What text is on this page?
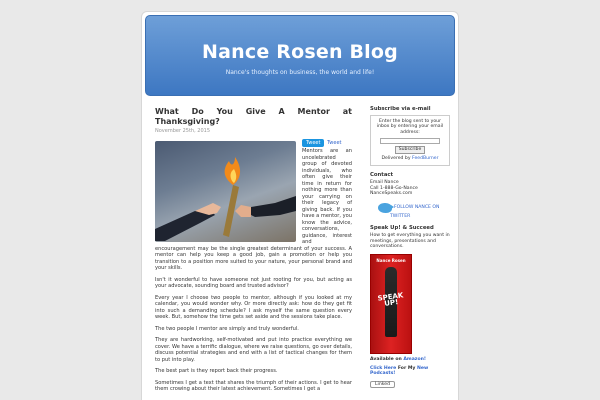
Nance Rosen Blog
Nance's thoughts on business, the world and life!
What Do You Give A Mentor at Thanksgiving?
November 25th, 2015
Tweet Tweet

Mentors are an uncelebrated group of devoted individuals, who often give their time in return for nothing more than your carrying on their legacy of giving back. If you have a mentor, you know the advice, conversations, guidance, interest and encouragement may be the single greatest determinant of your success. A mentor can help you keep a good job, gain a promotion or help you transition to a position more suited to your nature, your personal brand and your skills.

Isn't it wonderful to have someone not just rooting for you, but acting as your advocate, sounding board and trusted advisor?

Every year I choose two people to mentor, although if you looked at my calendar, you would wonder why. Or more directly ask: how do they get fit into such a demanding schedule? I ask myself the same question every week. But, somehow the time gets set aside and the sessions take place.

The two people I mentor are simply and truly wonderful.

They are hardworking, self-motivated and put into practice everything we cover. We have a terrific dialogue, where we raise questions, go over details, discuss potential strategies and end with a list of tactical changes for them to put into play.

The best part is they report back their progress.

Sometimes I get a text that shares the triumph of their actions. I get to hear them crowing about their latest achievement. Sometimes I get a

Subscribe via e-mail
Enter the blog sent to your inbox by entering your email address:
Subscribe
Delivered by FeedBurner
Contact
Email Nance
Call 1-888-Go-Nance
NanceSpeaks.com
FOLLOW NANCE ON
TWITTER
Speak Up! & Succeed
How to get everything you want in meetings, presentations and conversations.
Nance Rosen
SPEAK UP!
Available on Amazon!
Click Here For My New Podcasts!
Linked
